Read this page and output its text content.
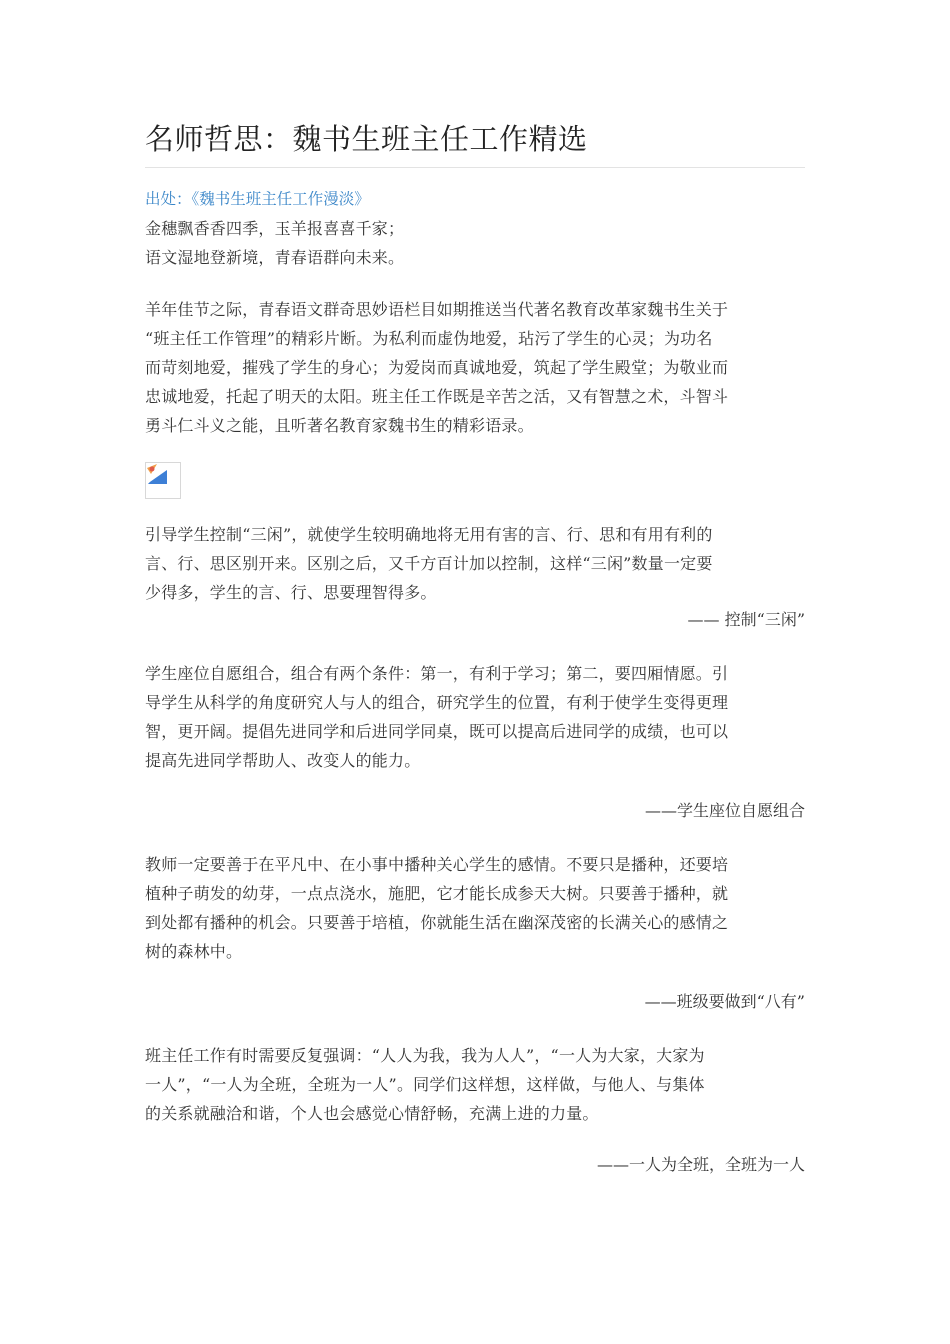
名师哲思：魏书生班主任工作精选
出处：《魏书生班主任工作漫淡》
金穗飘香香四季，玉羊报喜喜千家；
语文湿地登新境，青春语群向未来。
羊年佳节之际，青春语文群奇思妙语栏目如期推送当代著名教育改革家魏书生关于
“班主任工作管理”的精彩片断。为私利而虚伪地爱，玷污了学生的心灵；为功名
而苛刻地爱，摧残了学生的身心；为爱岗而真诚地爱，筑起了学生殿堂；为敬业而
忠诚地爱，托起了明天的太阳。班主任工作既是辛苦之活，又有智慧之术，斗智斗
勇斗仁斗义之能，且听著名教育家魏书生的精彩语录。
引导学生控制“三闲”，就使学生较明确地将无用有害的言、行、思和有用有利的
言、行、思区别开来。区别之后，又千方百计加以控制，这样“三闲”数量一定要
少得多，学生的言、行、思要理智得多。
—— 控制“三闲”
学生座位自愿组合，组合有两个条件：第一，有利于学习；第二，要四厢情愿。引
导学生从科学的角度研究人与人的组合，研究学生的位置，有利于使学生变得更理
智，更开阔。提倡先进同学和后进同学同桌，既可以提高后进同学的成绩，也可以
提高先进同学帮助人、改变人的能力。
——学生座位自愿组合
教师一定要善于在平凡中、在小事中播种关心学生的感情。不要只是播种，还要培
植种子萌发的幼芽，一点点浇水，施肥，它才能长成参天大树。只要善于播种，就
到处都有播种的机会。只要善于培植，你就能生活在幽深茂密的长满关心的感情之
树的森林中。
——班级要做到“八有”
班主任工作有时需要反复强调：“人人为我，我为人人”，“一人为大家，大家为
一人”，“一人为全班，全班为一人”。同学们这样想，这样做，与他人、与集体
的关系就融洽和谐，个人也会感觉心情舒畅，充满上进的力量。
——一人为全班，全班为一人
